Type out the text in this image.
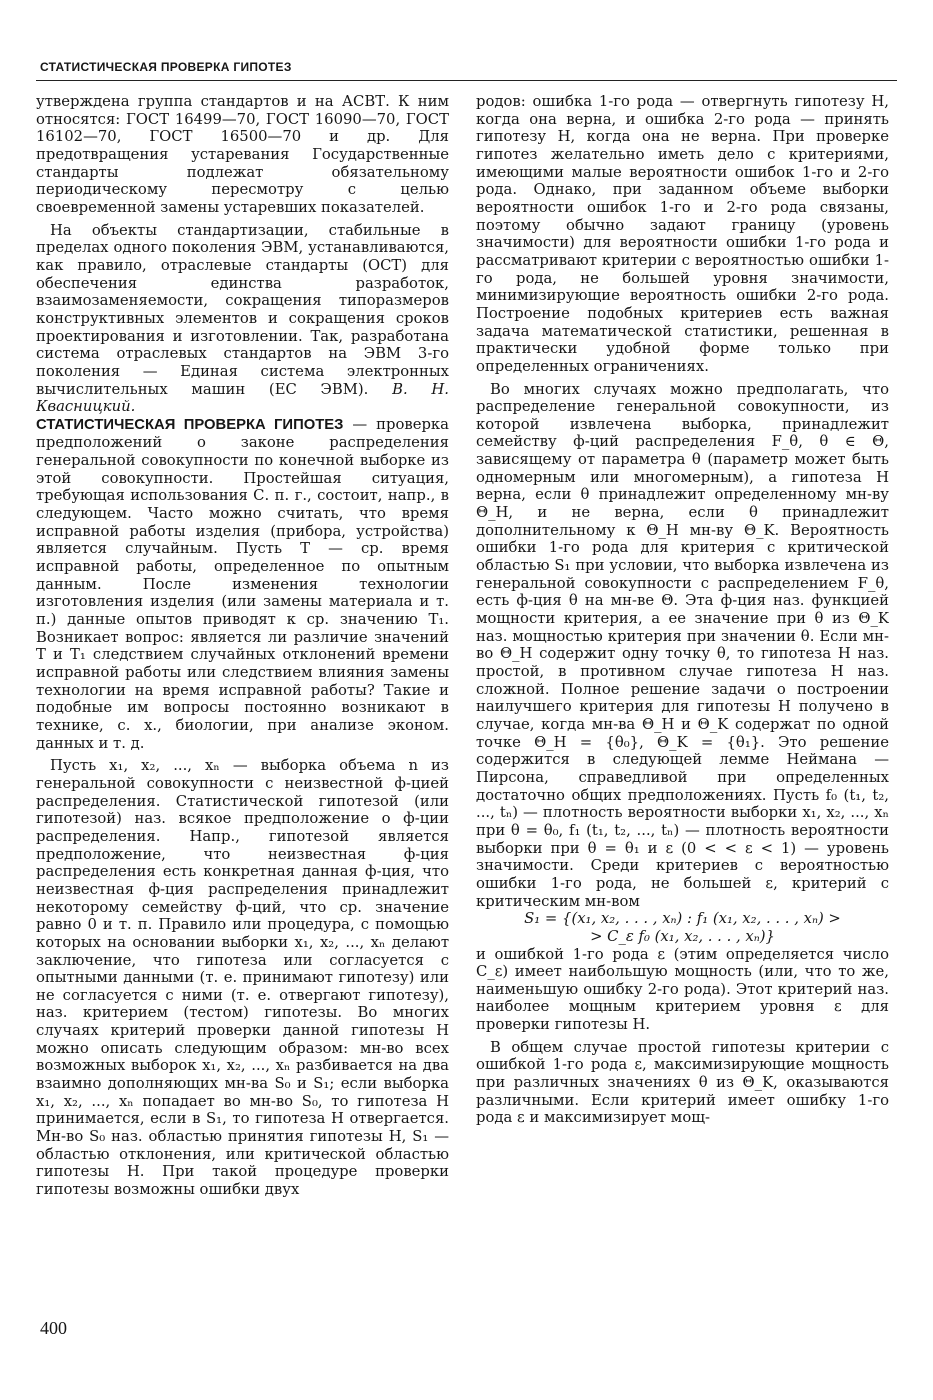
СТАТИСТИЧЕСКАЯ ПРОВЕРКА ГИПОТЕЗ

утверждена группа стандартов и на АСВТ. К ним относятся: ГОСТ 16499—70, ГОСТ 16090—70, ГОСТ 16102—70, ГОСТ 16500—70 и др. Для предотвращения устаревания Государственные стандарты подлежат обязательному периодическому пересмотру с целью своевременной замены устаревших показателей.

На объекты стандартизации, стабильные в пределах одного поколения ЭВМ, устанавливаются, как правило, отраслевые стандарты (ОСТ) для обеспечения единства разработок, взаимозаменяемости, сокращения типоразмеров конструктивных элементов и сокращения сроков проектирования и изготовлении. Так, разработана система отраслевых стандартов на ЭВМ 3-го поколения — Единая система электронных вычислительных машин (ЕС ЭВМ). В. Н. Квасницкий.

СТАТИСТИЧЕСКАЯ ПРОВЕРКА ГИПОТЕЗ — проверка предположений о законе распределения генеральной совокупности по конечной выборке из этой совокупности. Простейшая ситуация, требующая использования С. п. г., состоит, напр., в следующем. Часто можно считать, что время исправной работы изделия (прибора, устройства) является случайным. Пусть T — ср. время исправной работы, определенное по опытным данным. После изменения технологии изготовления изделия (или замены материала и т. п.) данные опытов приводят к ср. значению T₁. Возникает вопрос: является ли различие значений T и T₁ следствием случайных отклонений времени исправной работы или следствием влияния замены технологии на время исправной работы? Такие и подобные им вопросы постоянно возникают в технике, с. х., биологии, при анализе эконом. данных и т. д.

Пусть x₁, x₂, ..., xₙ — выборка объема n из генеральной совокупности с неизвестной ф-цией распределения. Статистической гипотезой (или гипотезой) наз. всякое предположение о ф-ции распределения. Напр., гипотезой является предположение, что неизвестная ф-ция распределения есть конкретная данная ф-ция, что неизвестная ф-ция распределения принадлежит некоторому семейству ф-ций, что ср. значение равно 0 и т. п. Правило или процедура, с помощью которых на основании выборки x₁, x₂, ..., xₙ делают заключение, что гипотеза или согласуется с опытными данными (т. е. принимают гипотезу) или не согласуется с ними (т. е. отвергают гипотезу), наз. критерием (тестом) гипотезы. Во многих случаях критерий проверки данной гипотезы H можно описать следующим образом: мн-во всех возможных выборок x₁, x₂, ..., xₙ разбивается на два взаимно дополняющих мн-ва S₀ и S₁; если выборка x₁, x₂, ..., xₙ попадает во мн-во S₀, то гипотеза H принимается, если в S₁, то гипотеза H отвергается. Мн-во S₀ наз. областью принятия гипотезы H, S₁ — областью отклонения, или критической областью гипотезы H. При такой процедуре проверки гипотезы возможны ошибки двух

родов: ошибка 1-го рода — отвергнуть гипотезу H, когда она верна, и ошибка 2-го рода — принять гипотезу H, когда она не верна. При проверке гипотез желательно иметь дело с критериями, имеющими малые вероятности ошибок 1-го и 2-го рода. Однако, при заданном объеме выборки вероятности ошибок 1-го и 2-го рода связаны, поэтому обычно задают границу (уровень значимости) для вероятности ошибки 1-го рода и рассматривают критерии с вероятностью ошибки 1-го рода, не большей уровня значимости, минимизирующие вероятность ошибки 2-го рода. Построение подобных критериев есть важная задача математической статистики, решенная в практически удобной форме только при определенных ограничениях.

Во многих случаях можно предполагать, что распределение генеральной совокупности, из которой извлечена выборка, принадлежит семейству ф-ций распределения F_θ, θ ∈ Θ, зависящему от параметра θ (параметр может быть одномерным или многомерным), а гипотеза H верна, если θ принадлежит определенному мн-ву Θ_H, и не верна, если θ принадлежит дополнительному к Θ_H мн-ву Θ_K. Вероятность ошибки 1-го рода для критерия с критической областью S₁ при условии, что выборка извлечена из генеральной совокупности с распределением F_θ, есть ф-ция θ на мн-ве Θ. Эта ф-ция наз. функцией мощности критерия, а ее значение при θ из Θ_K наз. мощностью критерия при значении θ. Если мн-во Θ_H содержит одну точку θ, то гипотеза H наз. простой, в противном случае гипотеза H наз. сложной. Полное решение задачи о построении наилучшего критерия для гипотезы H получено в случае, когда мн-ва Θ_H и Θ_K содержат по одной точке Θ_H = {θ₀}, Θ_K = {θ₁}. Это решение содержится в следующей лемме Неймана — Пирсона, справедливой при определенных достаточно общих предположениях. Пусть f₀ (t₁, t₂, ..., tₙ) — плотность вероятности выборки x₁, x₂, ..., xₙ при θ = θ₀, f₁ (t₁, t₂, ..., tₙ) — плотность вероятности выборки при θ = θ₁ и ε (0 < < ε < 1) — уровень значимости. Среди критериев с вероятностью ошибки 1-го рода, не большей ε, критерий с критическим мн-вом

S₁ = {(x₁, x₂, . . . , xₙ) : f₁ (x₁, x₂, . . . , xₙ) >

> C_ε f₀ (x₁, x₂, . . . , xₙ)}

и ошибкой 1-го рода ε (этим определяется число C_ε) имеет наибольшую мощность (или, что то же, наименьшую ошибку 2-го рода). Этот критерий наз. наиболее мощным критерием уровня ε для проверки гипотезы H.

В общем случае простой гипотезы критерии с ошибкой 1-го рода ε, максимизирующие мощность при различных значениях θ из Θ_K, оказываются различными. Если критерий имеет ошибку 1-го рода ε и максимизирует мощ-

400
